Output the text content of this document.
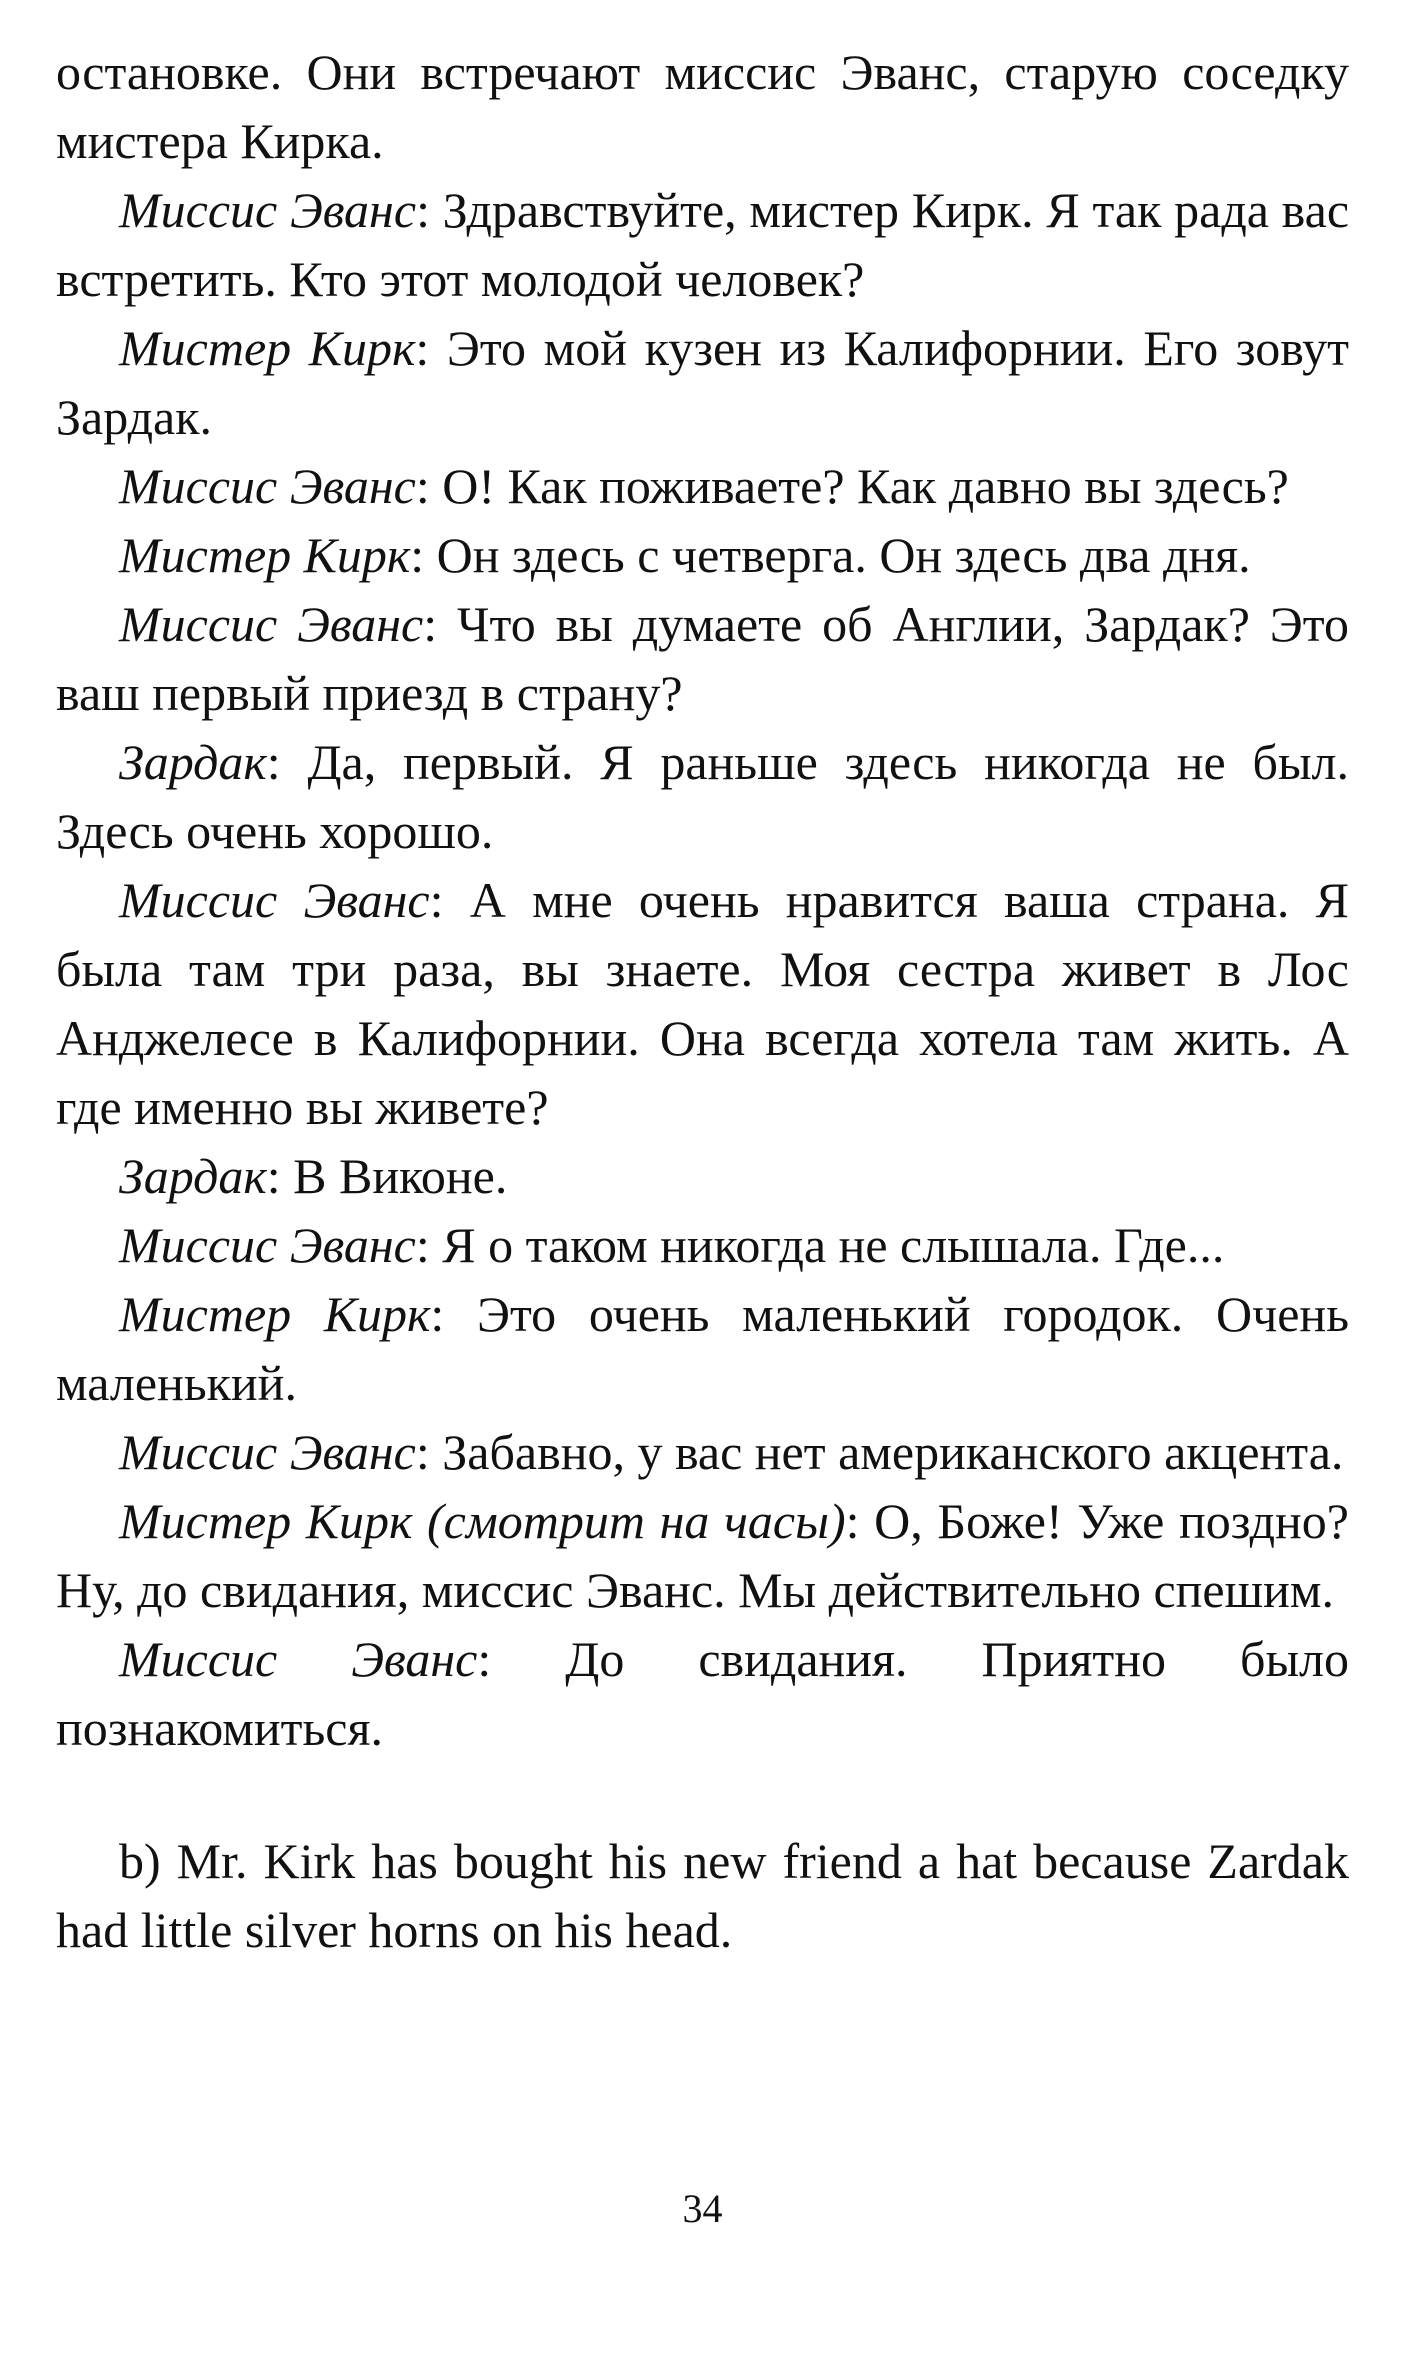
остановке. Они встречают миссис Эванс, старую соседку мистера Кирка.

Миссис Эванс: Здравствуйте, мистер Кирк. Я так рада вас встретить. Кто этот молодой человек?

Мистер Кирк: Это мой кузен из Калифорнии. Его зовут Зардак.

Миссис Эванс: О! Как поживаете? Как давно вы здесь?

Мистер Кирк: Он здесь с четверга. Он здесь два дня.

Миссис Эванс: Что вы думаете об Англии, Зардак? Это ваш первый приезд в страну?

Зардак: Да, первый. Я раньше здесь никогда не был. Здесь очень хорошо.

Миссис Эванс: А мне очень нравится ваша страна. Я была там три раза, вы знаете. Моя сестра живет в Лос Анджелесе в Калифорнии. Она всегда хотела там жить. А где именно вы живете?

Зардак: В Виконе.

Миссис Эванс: Я о таком никогда не слышала. Где...

Мистер Кирк: Это очень маленький городок. Очень маленький.

Миссис Эванс: Забавно, у вас нет американского акцента.

Мистер Кирк (смотрит на часы): О, Боже! Уже поздно? Ну, до свидания, миссис Эванс. Мы действительно спешим.

Миссис Эванс: До свидания. Приятно было познакомиться.

b) Mr. Kirk has bought his new friend a hat because Zardak had little silver horns on his head.

34
